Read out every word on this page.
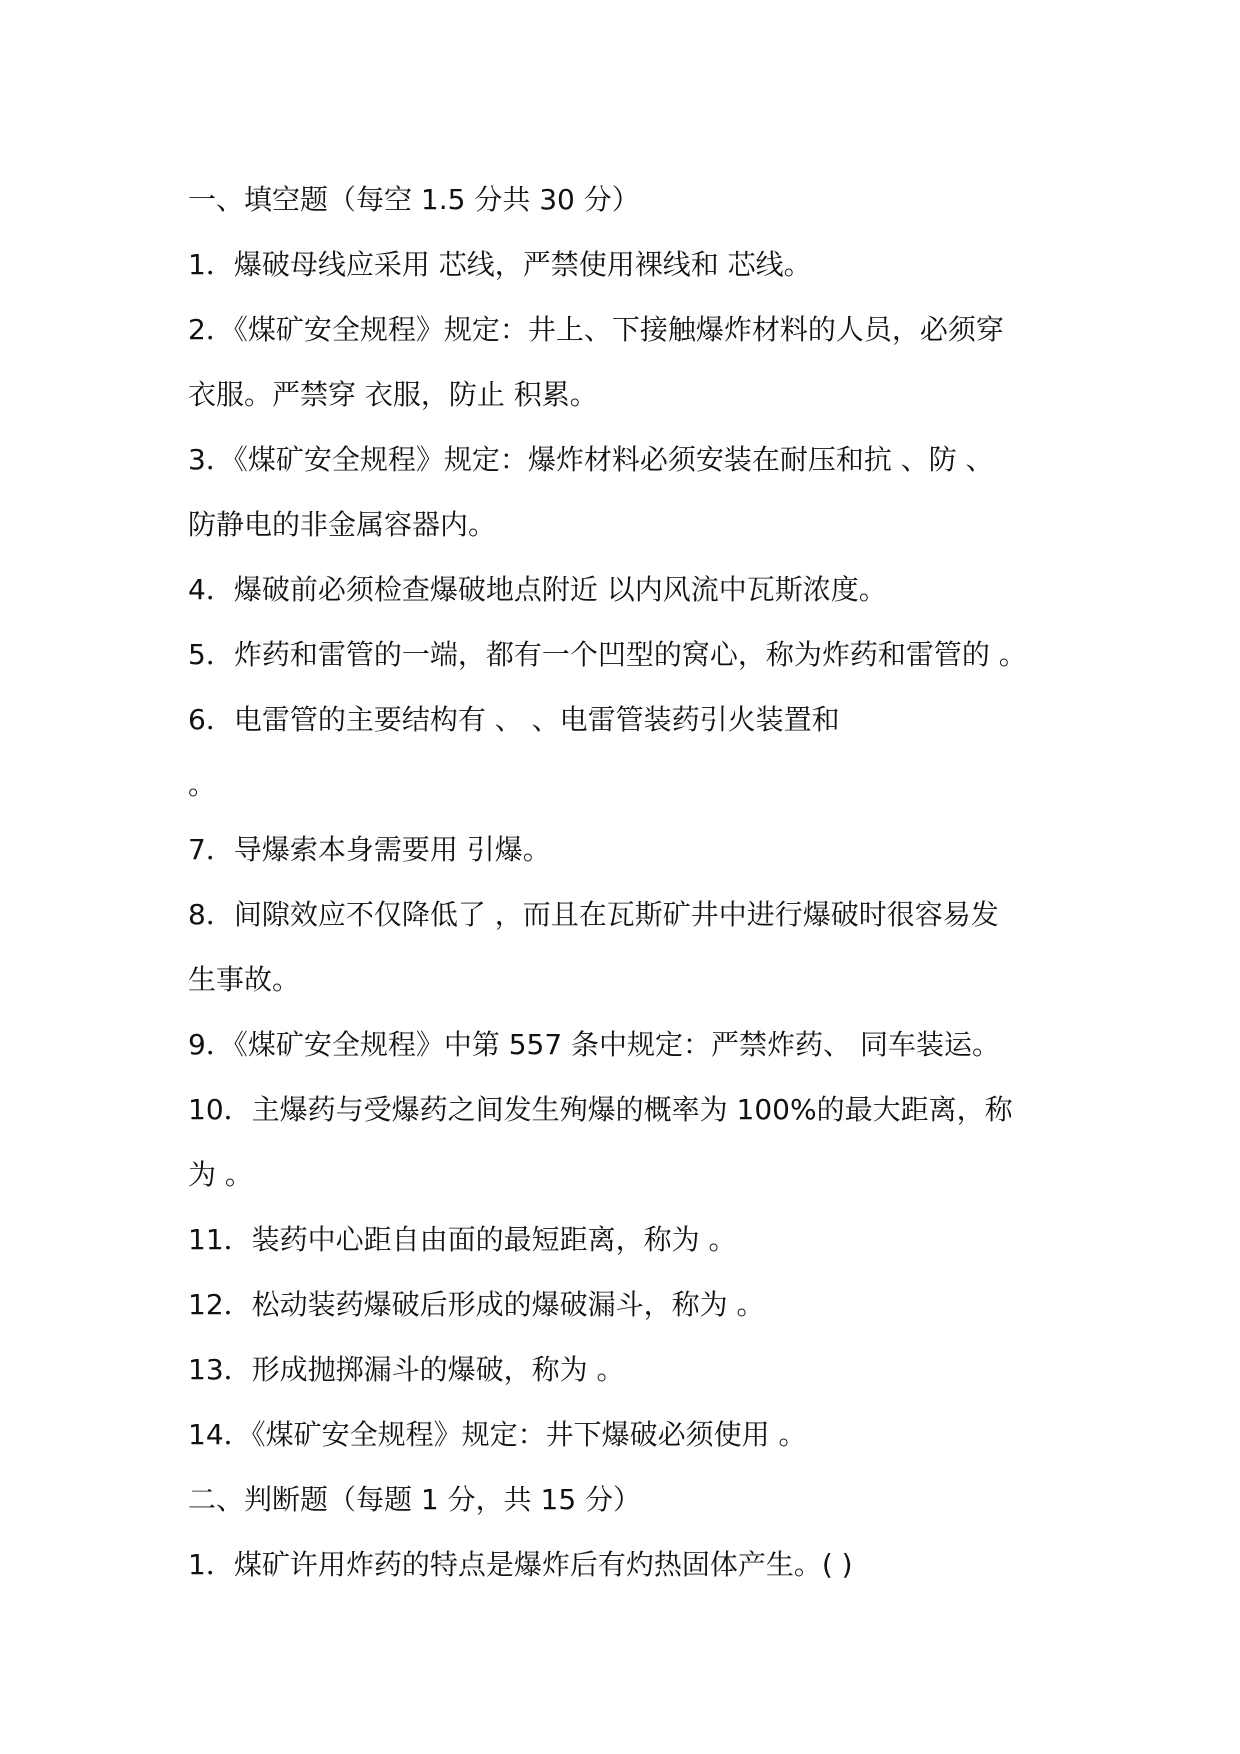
一、填空题（每空 1.5 分共 30 分）
1．爆破母线应采用 芯线，严禁使用裸线和 芯线。
2．《煤矿安全规程》规定：井上、下接触爆炸材料的人员，必须穿
衣服。严禁穿 衣服，防止 积累。
3．《煤矿安全规程》规定：爆炸材料必须安装在耐压和抗 、防 、
防静电的非金属容器内。
4．爆破前必须检查爆破地点附近 以内风流中瓦斯浓度。
5．炸药和雷管的一端，都有一个凹型的窝心，称为炸药和雷管的 。
6．电雷管的主要结构有 、 、电雷管装药引火装置和
。
7．导爆索本身需要用 引爆。
8．间隙效应不仅降低了 ，而且在瓦斯矿井中进行爆破时很容易发
生事故。
9．《煤矿安全规程》中第 557 条中规定：严禁炸药、 同车装运。
10．主爆药与受爆药之间发生殉爆的概率为 100%的最大距离，称
为 。
11．装药中心距自由面的最短距离，称为 。
12．松动装药爆破后形成的爆破漏斗，称为 。
13．形成抛掷漏斗的爆破，称为 。
14．《煤矿安全规程》规定：井下爆破必须使用 。
二、判断题（每题 1 分，共 15 分）
1．煤矿许用炸药的特点是爆炸后有灼热固体产生。( )
